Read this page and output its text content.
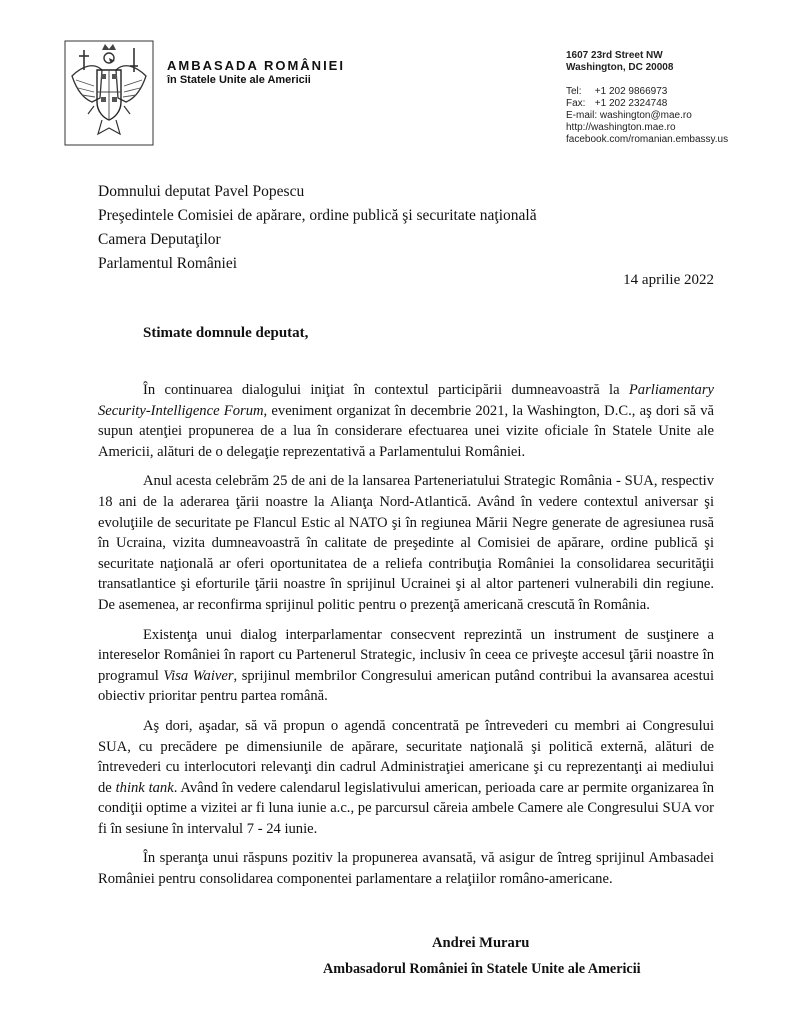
AMBASADA ROMÂNIEI
în Statele Unite ale Americii
1607 23rd Street NW
Washington, DC 20008
Tel: +1 202 9866973
Fax: +1 202 2324748
E-mail: washington@mae.ro
http://washington.mae.ro
facebook.com/romanian.embassy.us
Domnului deputat Pavel Popescu
Preşedintele Comisiei de apărare, ordine publică şi securitate naţională
Camera Deputaţilor
Parlamentul României
14 aprilie 2022
Stimate domnule deputat,

În continuarea dialogului iniţiat în contextul participării dumneavoastră la Parliamentary Security-Intelligence Forum, eveniment organizat în decembrie 2021, la Washington, D.C., aş dori să vă supun atenţiei propunerea de a lua în considerare efectuarea unei vizite oficiale în Statele Unite ale Americii, alături de o delegaţie reprezentativă a Parlamentului României.

Anul acesta celebrăm 25 de ani de la lansarea Parteneriatului Strategic România - SUA, respectiv 18 ani de la aderarea ţării noastre la Alianţa Nord-Atlantică. Având în vedere contextul aniversar şi evoluţiile de securitate pe Flancul Estic al NATO şi în regiunea Mării Negre generate de agresiunea rusă în Ucraina, vizita dumneavoastră în calitate de preşedinte al Comisiei de apărare, ordine publică şi securitate naţională ar oferi oportunitatea de a reliefa contribuţia României la consolidarea securităţii transatlantice şi eforturile ţării noastre în sprijinul Ucrainei şi al altor parteneri vulnerabili din regiune. De asemenea, ar reconfirma sprijinul politic pentru o prezenţă americană crescută în România.

Existenţa unui dialog interparlamentar consecvent reprezintă un instrument de susţinere a intereselor României în raport cu Partenerul Strategic, inclusiv în ceea ce priveşte accesul ţării noastre în programul Visa Waiver, sprijinul membrilor Congresului american putând contribui la avansarea acestui obiectiv prioritar pentru partea română.

Aş dori, aşadar, să vă propun o agendă concentrată pe întrevederi cu membri ai Congresului SUA, cu precădere pe dimensiunile de apărare, securitate naţională şi politică externă, alături de întrevederi cu interlocutori relevanţi din cadrul Administraţiei americane şi cu reprezentanţi ai mediului de think tank. Având în vedere calendarul legislativului american, perioada care ar permite organizarea în condiţii optime a vizitei ar fi luna iunie a.c., pe parcursul căreia ambele Camere ale Congresului SUA vor fi în sesiune în intervalul 7 - 24 iunie.

În speranţa unui răspuns pozitiv la propunerea avansată, vă asigur de întreg sprijinul Ambasadei României pentru consolidarea componentei parlamentare a relaţiilor româno-americane.

Andrei Muraru
Ambasadorul României în Statele Unite ale Americii
